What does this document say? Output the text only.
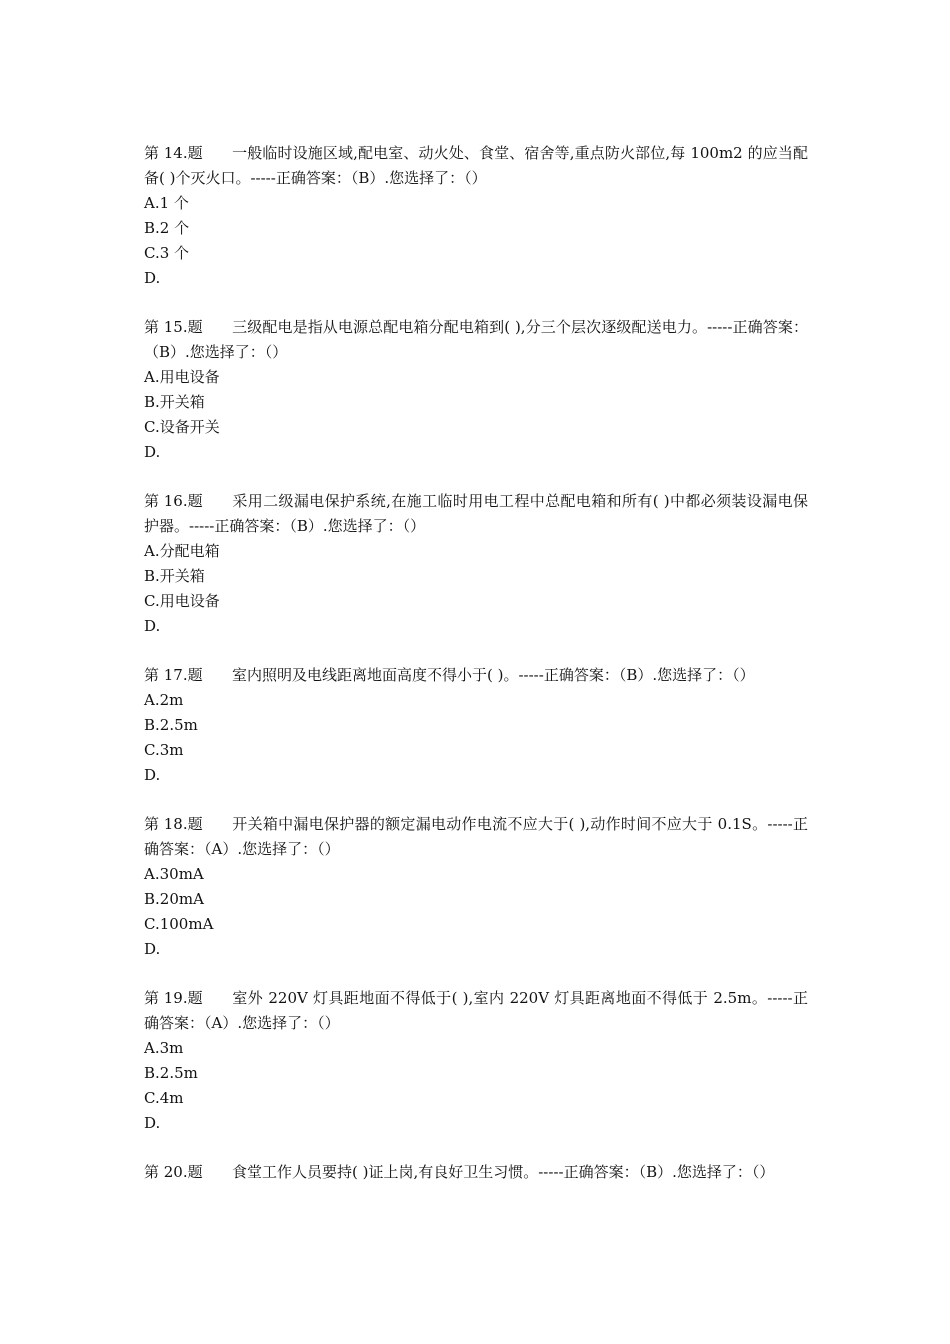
第 14.题 一般临时设施区域,配电室、动火处、食堂、宿舍等,重点防火部位,每 100m2 的应当配备( )个灭火口。-----正确答案：（B）.您选择了：（）

A.1 个

B.2 个

C.3 个

D.

第 15.题 三级配电是指从电源总配电箱分配电箱到( ),分三个层次逐级配送电力。-----正确答案：（B）.您选择了：（）

A.用电设备

B.开关箱

C.设备开关

D.

第 16.题 采用二级漏电保护系统,在施工临时用电工程中总配电箱和所有( )中都必须装设漏电保护器。-----正确答案：（B）.您选择了：（）

A.分配电箱

B.开关箱

C.用电设备

D.

第 17.题 室内照明及电线距离地面高度不得小于( )。-----正确答案：（B）.您选择了：（）

A.2m

B.2.5m

C.3m

D.

第 18.题 开关箱中漏电保护器的额定漏电动作电流不应大于( ),动作时间不应大于 0.1S。-----正确答案：（A）.您选择了：（）

A.30mA

B.20mA

C.100mA

D.

第 19.题 室外 220V 灯具距地面不得低于( ),室内 220V 灯具距离地面不得低于 2.5m。-----正确答案：（A）.您选择了：（）

A.3m

B.2.5m

C.4m

D.

第 20.题 食堂工作人员要持( )证上岗,有良好卫生习惯。-----正确答案：（B）.您选择了：（）
